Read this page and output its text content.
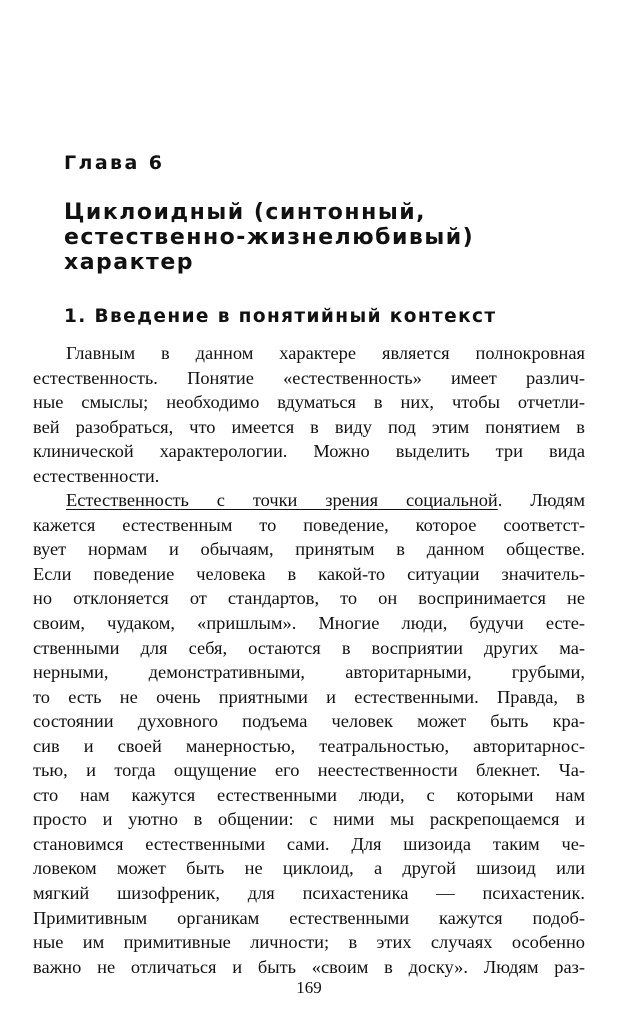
Глава 6
Циклоидный (синтонный,
естественно-жизнелюбивый)
характер
1. Введение в понятийный контекст
Главным в данном характере является полнокровная
естественность. Понятие «естественность» имеет различ-
ные смыслы; необходимо вдуматься в них, чтобы отчетли-
вей разобраться, что имеется в виду под этим понятием в
клинической характерологии. Можно выделить три вида
естественности.
Естественность с точки зрения социальной. Людям
кажется естественным то поведение, которое соответст-
вует нормам и обычаям, принятым в данном обществе.
Если поведение человека в какой-то ситуации значитель-
но отклоняется от стандартов, то он воспринимается не
своим, чудаком, «пришлым». Многие люди, будучи есте-
ственными для себя, остаются в восприятии других ма-
нерными, демонстративными, авторитарными, грубыми,
то есть не очень приятными и естественными. Правда, в
состоянии духовного подъема человек может быть кра-
сив и своей манерностью, театральностью, авторитарнос-
тью, и тогда ощущение его неестественности блекнет. Ча-
сто нам кажутся естественными люди, с которыми нам
просто и уютно в общении: с ними мы раскрепощаемся и
становимся естественными сами. Для шизоида таким че-
ловеком может быть не циклоид, а другой шизоид или
мягкий шизофреник, для психастеника — психастеник.
Примитивным органикам естественными кажутся подоб-
ные им примитивные личности; в этих случаях особенно
важно не отличаться и быть «своим в доску». Людям раз-
169
